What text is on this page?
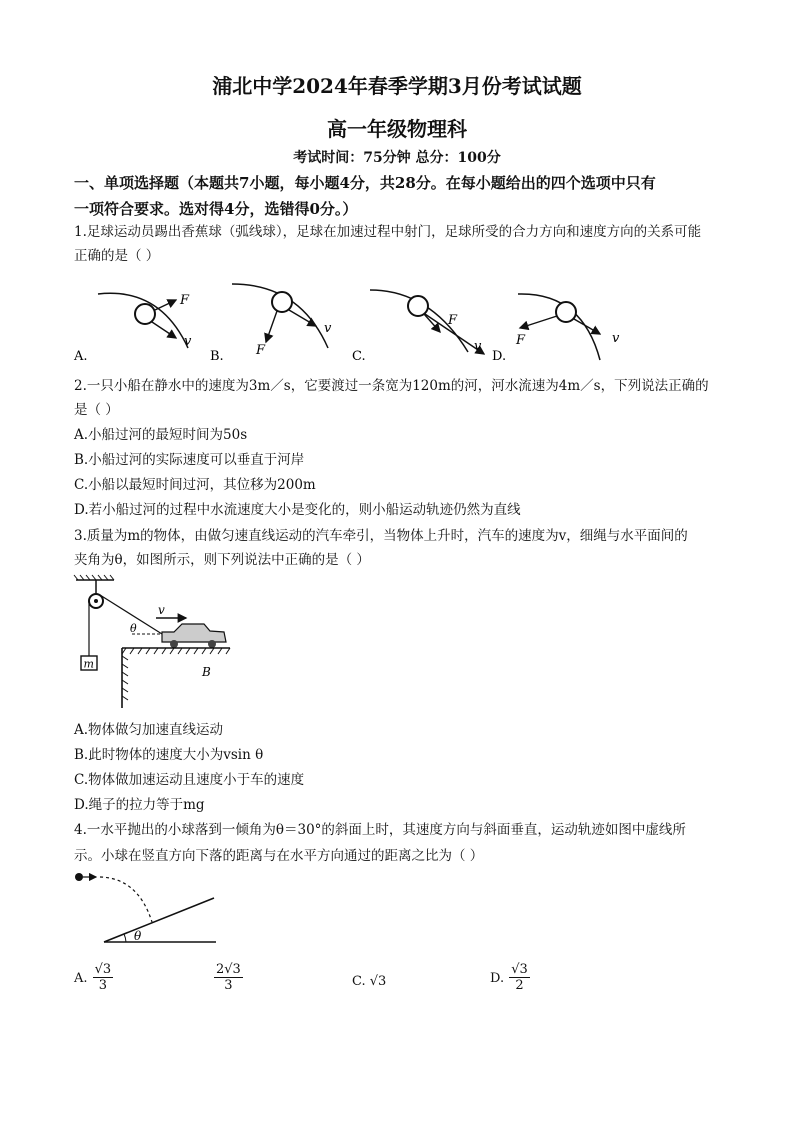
浦北中学2024年春季学期3月份考试试题
高一年级物理科
考试时间：75分钟 总分：100分
一、单项选择题（本题共7小题，每小题4分，共28分。在每小题给出的四个选项中只有
一项符合要求。选对得4分，选错得0分。）
1.足球运动员踢出香蕉球（弧线球），足球在加速过程中射门，足球所受的合力方向和速度方向的关系可能
正确的是（ ）
F
v
A.	F
v
B.
F
v
C.
F	v
D.
2.一只小船在静水中的速度为3m／s，它要渡过一条宽为120m的河，河水流速为4m／s，下列说法正确的
是（ ）
A.小船过河的最短时间为50s
B.小船过河的实际速度可以垂直于河岸
C.小船以最短时间过河，其位移为200m
D.若小船过河的过程中水流速度大小是变化的，则小船运动轨迹仍然为直线
3.质量为m的物体，由做匀速直线运动的汽车牵引，当物体上升时，汽车的速度为v，细绳与水平面间的
夹角为θ，如图所示，则下列说法中正确的是（ ）
m
θ
v
B
A.物体做匀加速直线运动
B.此时物体的速度大小为vsin θ
C.物体做加速运动且速度小于车的速度
D.绳子的拉力等于mg
4.一水平抛出的小球落到一倾角为θ＝30°的斜面上时，其速度方向与斜面垂直，运动轨迹如图中虚线所
示。小球在竖直方向下落的距离与在水平方向通过的距离之比为（ ）
θ
A. $\frac{√3}{3}$	$\frac{2√3}{3}$	C. √3	D. $\frac{√3}{2}$
